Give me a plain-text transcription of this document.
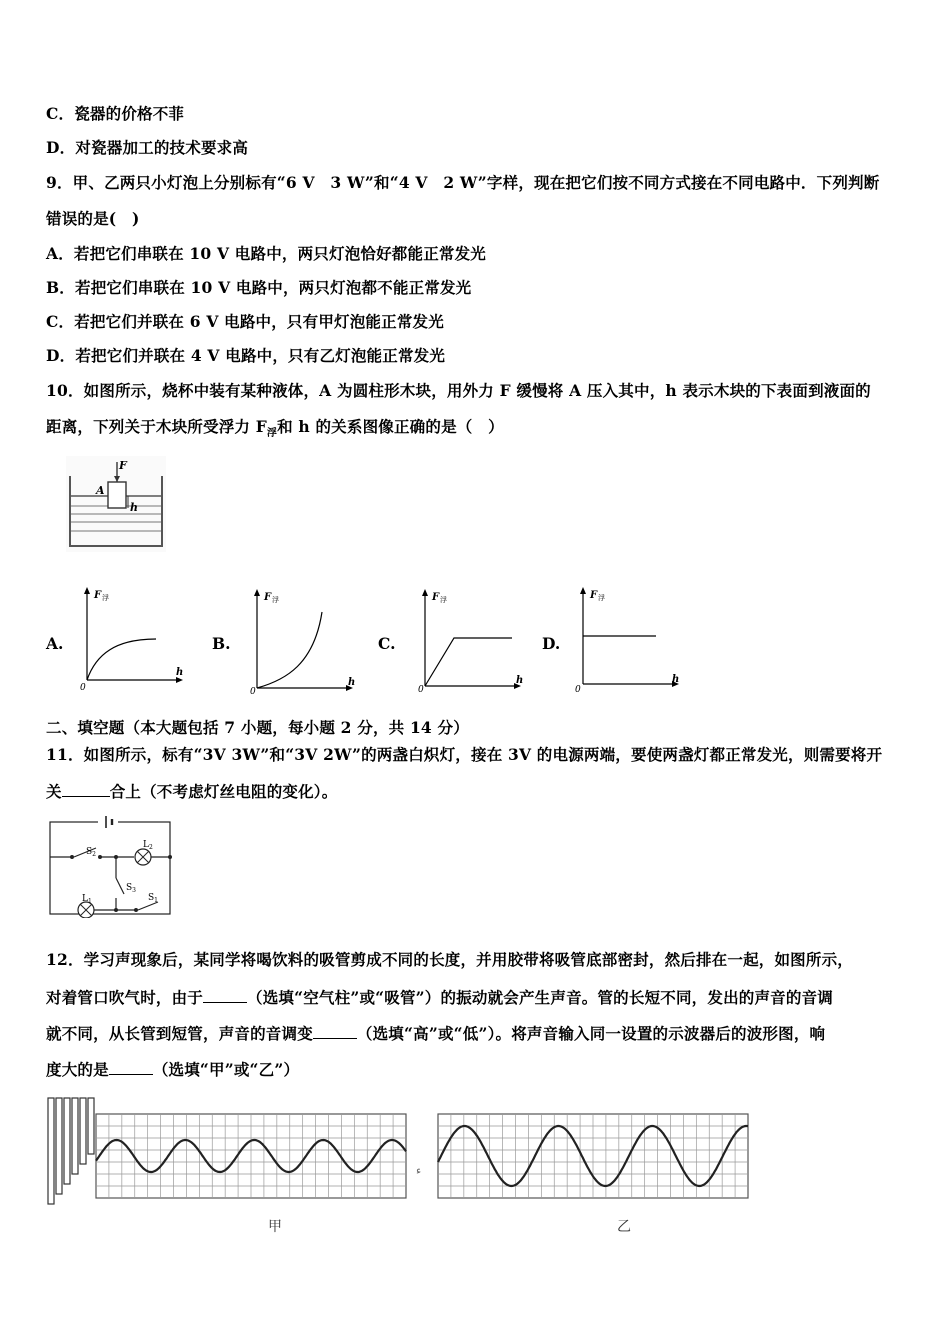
C．瓷器的价格不菲
D．对瓷器加工的技术要求高
9．甲、乙两只小灯泡上分别标有“6 V　3 W”和“4 V　2 W”字样，现在把它们按不同方式接在不同电路中．下列判断
错误的是(　)
A．若把它们串联在 10 V 电路中，两只灯泡恰好都能正常发光
B．若把它们串联在 10 V 电路中，两只灯泡都不能正常发光
C．若把它们并联在 6 V 电路中，只有甲灯泡能正常发光
D．若把它们并联在 4 V 电路中，只有乙灯泡能正常发光
10．如图所示，烧杯中装有某种液体，A 为圆柱形木块，用外力 F 缓慢将 A 压入其中，h 表示木块的下表面到液面的
距离，下列关于木块所受浮力 $F_浮$和 h 的关系图像正确的是（　）
F
A
h
A.
F 浮
h
0
B.
F 浮
h
0
C.
F 浮
h
0
D.
F 浮
h
0
二、填空题（本大题包括 7 小题，每小题 2 分，共 14 分）
11．如图所示，标有“3V 3W”和“3V 2W”的两盏白炽灯，接在 3V 的电源两端，要使两盏灯都正常发光，则需要将开
关	合上（不考虑灯丝电阻的变化）。
$S_2$
$L_2$
$S_3$
$L_1$	$S_1$
12．学习声现象后，某同学将喝饮料的吸管剪成不同的长度，并用胶带将吸管底部密封，然后排在一起，如图所示，
对着管口吹气时，由于	（选填“空气柱”或“吸管”）的振动就会产生声音。管的长短不同，发出的声音的音调
就不同，从长管到短管，声音的音调变	（选填“高”或“低”）。将声音输入同一设置的示波器后的波形图，响
度大的是	（选填“甲”或“乙”）
ء
甲	乙
